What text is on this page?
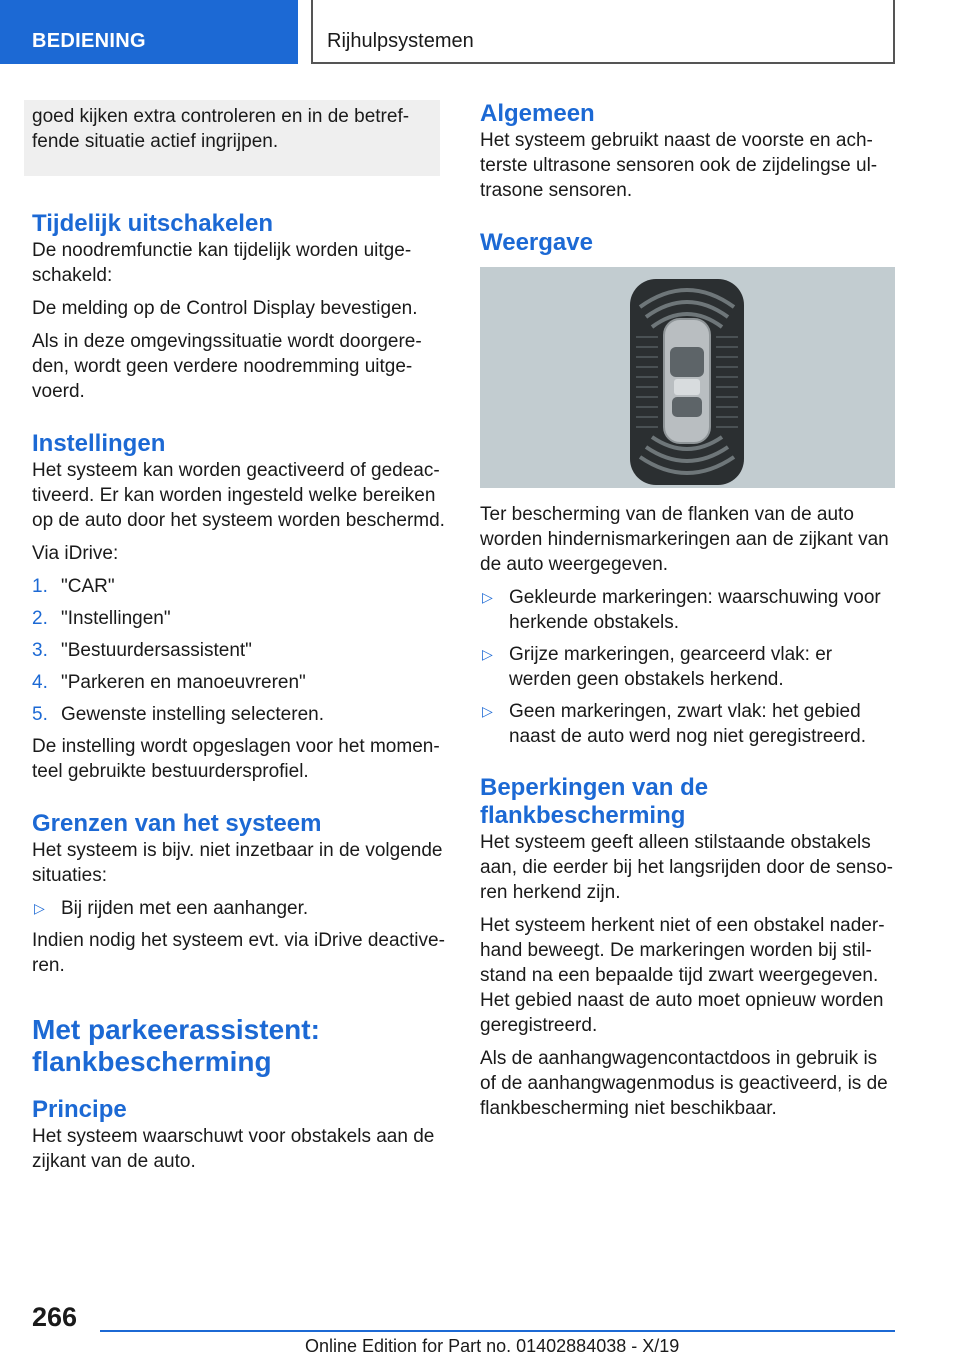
BEDIENING	Rijhulpsystemen
goed kijken extra controleren en in de betreffende situatie actief ingrijpen.
Tijdelijk uitschakelen

De noodremfunctie kan tijdelijk worden uitgeschakeld:

De melding op de Control Display bevestigen.

Als in deze omgevingssituatie wordt doorgereden, wordt geen verdere noodremming uitgevoerd.

Instellingen

Het systeem kan worden geactiveerd of gedeactiveerd. Er kan worden ingesteld welke bereiken op de auto door het systeem worden beschermd.

Via iDrive:

1. "CAR"
2. "Instellingen"
3. "Bestuurdersassistent"
4. "Parkeren en manoeuvreren"
5. Gewenste instelling selecteren.

De instelling wordt opgeslagen voor het momenteel gebruikte bestuurdersprofiel.

Grenzen van het systeem

Het systeem is bijv. niet inzetbaar in de volgende situaties:

▷ Bij rijden met een aanhanger.

Indien nodig het systeem evt. via iDrive deactiveren.

Met parkeerassistent: flankbescherming
Principe

Het systeem waarschuwt voor obstakels aan de zijkant van de auto.

Algemeen

Het systeem gebruikt naast de voorste en achterste ultrasone sensoren ook de zijdelingse ultrasone sensoren.

Weergave

Ter bescherming van de flanken van de auto worden hindernismarkeringen aan de zijkant van de auto weergegeven.

▷ Gekleurde markeringen: waarschuwing voor herkende obstakels.
▷ Grijze markeringen, gearceerd vlak: er werden geen obstakels herkend.
▷ Geen markeringen, zwart vlak: het gebied naast de auto werd nog niet geregistreerd.
Beperkingen van de flankbescherming

Het systeem geeft alleen stilstaande obstakels aan, die eerder bij het langsrijden door de sensoren herkend zijn.

Het systeem herkent niet of een obstakel naderhand beweegt. De markeringen worden bij stilstand na een bepaalde tijd zwart weergegeven. Het gebied naast de auto moet opnieuw worden geregistreerd.

Als de aanhangwagencontactdoos in gebruik is of de aanhangwagenmodus is geactiveerd, is de flankbescherming niet beschikbaar.

266
Online Edition for Part no. 01402884038 - X/19
